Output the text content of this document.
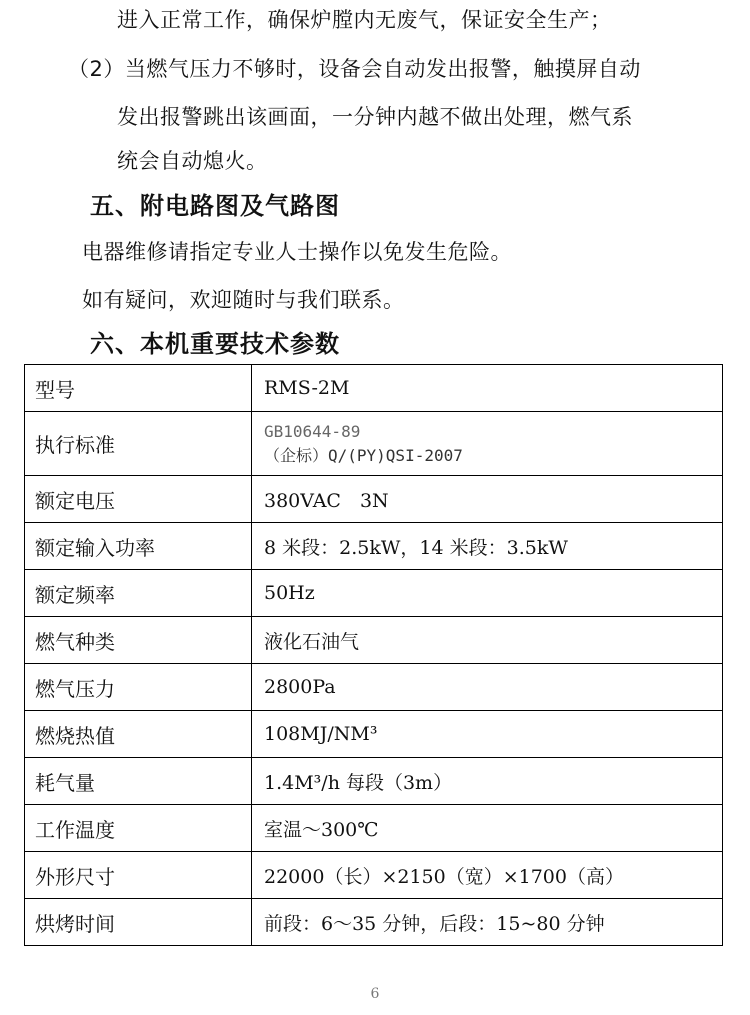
进入正常工作，确保炉膛内无废气，保证安全生产；
（2）当燃气压力不够时，设备会自动发出报警，触摸屏自动
发出报警跳出该画面，一分钟内越不做出处理，燃气系
统会自动熄火。
五、附电路图及气路图
电器维修请指定专业人士操作以免发生危险。
如有疑问，欢迎随时与我们联系。
六、本机重要技术参数
型号	RMS-2M
执行标准	GB10644-89
（企标）Q/(PY)QSI-2007

额定电压	380VAC　3N
额定输入功率	8 米段：2.5kW，14 米段：3.5kW
额定频率	50Hz
燃气种类	液化石油气
燃气压力	2800Pa
燃烧热值	108MJ/NM³
耗气量	1.4M³/h 每段（3m）
工作温度	室温～300℃
外形尺寸	22000（长）×2150（宽）×1700（高）
烘烤时间	前段：6～35 分钟，后段：15~80 分钟
6
